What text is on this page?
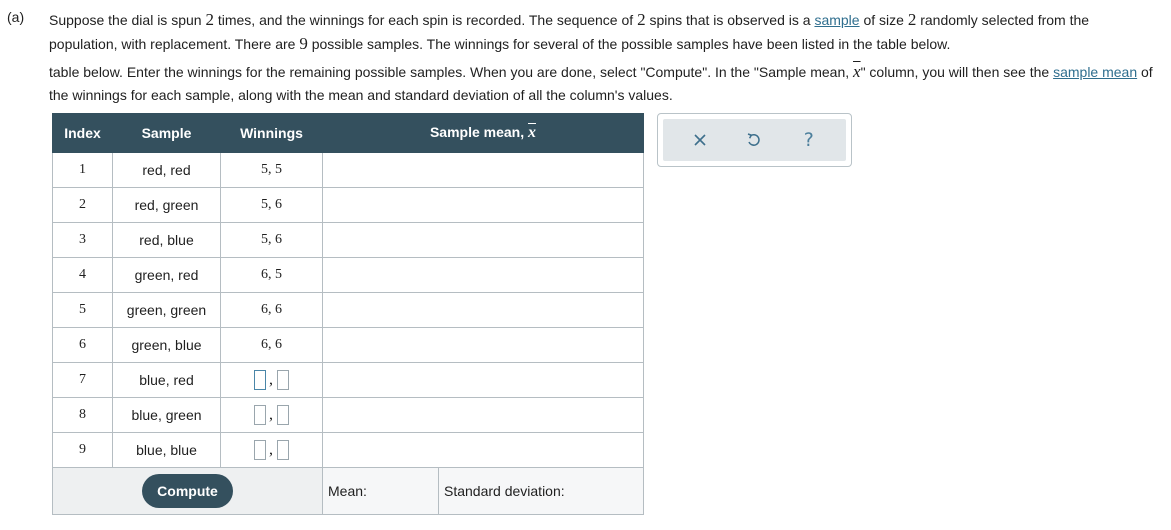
(a) Suppose the dial is spun 2 times, and the winnings for each spin is recorded. The sequence of 2 spins that is observed is a sample of size 2 randomly selected from the population, with replacement. There are 9 possible samples. The winnings for several of the possible samples have been listed in the table below.

table below. Enter the winnings for the remaining possible samples. When you are done, select "Compute". In the "Sample mean, $\overline{x}$" column, you will then see the sample mean of the winnings for each sample, along with the mean and standard deviation of all the column's values.

Index	Sample	Winnings	Sample mean, $\overline{x}$
1	red, red	5, 5	
2	red, green	5, 6	
3	red, blue	5, 6	
4	green, red	6, 5	
5	green, green	6, 6	
6	green, blue	6, 6	
7	blue, red	,	
8	blue, green	,	
9	blue, blue	,	
Compute			Mean: Standard deviation:
?
